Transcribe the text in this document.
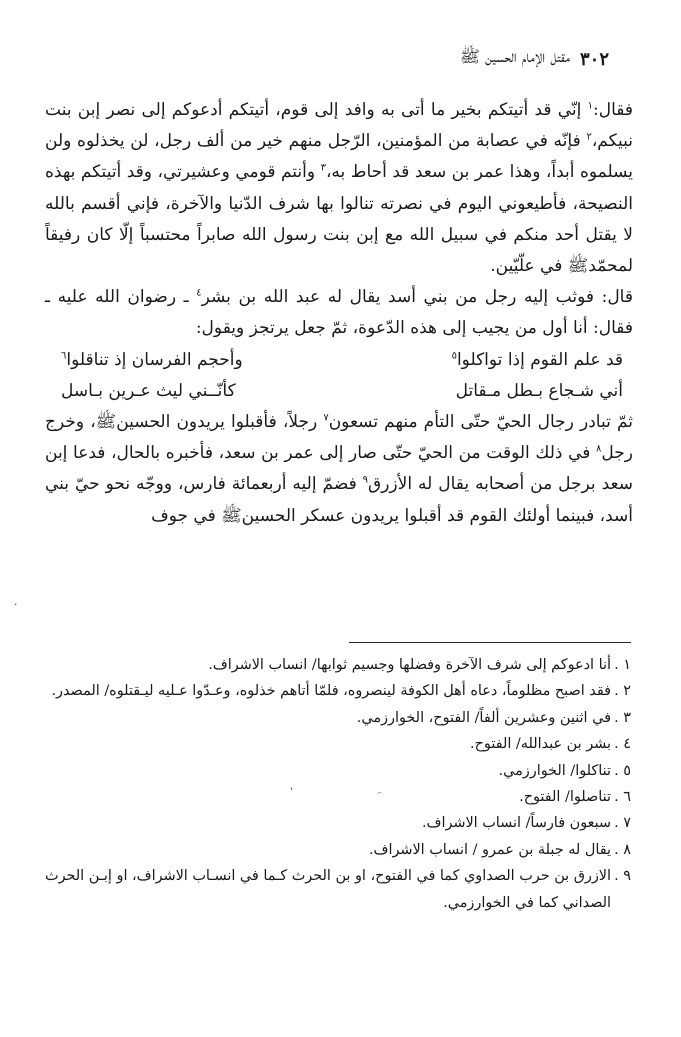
٣٠٢
مقتل الإمام الحسين ﷺ

فقال:$^١$ إنّي قد أتيتكم بخير ما أتى به وافد إلى قوم، أتيتكم أدعوكم إلى نصر إبن بنت نبيكم،$^٢$ فإنّه في عصابة من المؤمنين، الرّجل منهم خير من ألف رجل، لن يخذلوه ولن يسلموه أبداً، وهذا عمر بن سعد قد أحاط به،$^٣$ وأنتم قومي وعشيرتي، وقد أتيتكم بهذه النصيحة، فأطيعوني اليوم في نصرته تنالوا بها شرف الدّنيا والآخرة، فإني أقسم بالله لا يقتل أحد منكم في سبيل الله مع إبن بنت رسول الله صابراً محتسباً إلّا كان رفيقاً لمحمّدﷺ في علّيّين.

قال: فوثب إليه رجل من بني أسد يقال له عبد الله بن بشر$^٤$ ـ رضوان الله عليه ـ فقال: أنا أول من يجيب إلى هذه الدّعوة، ثمّ جعل يرتجز ويقول:

قد علم القوم إذا تواكلوا$^٥$
وأحجم الفرسان إذ تناقلوا$^٦$
أني شـجاع بـطل مـقاتل
كأنّــني ليث عـرين بـاسل

ثمّ تبادر رجال الحيّ حتّى التأم منهم تسعون$^٧$ رجلاً، فأقبلوا يريدون الحسينﷺ، وخرج رجل$^٨$ في ذلك الوقت من الحيّ حتّى صار إلى عمر بن سعد، فأخبره بالحال، فدعا إبن سعد برجل من أصحابه يقال له الأزرق$^٩$ فضمّ إليه أربعمائة فارس، ووجّه نحو حيّ بني أسد، فبينما أولئك القوم قد أقبلوا يريدون عسكر الحسينﷺ في جوف

١ .أنا ادعوكم إلى شرف الآخرة وفضلها وجسيم ثوابها/ انساب الاشراف.

٢ .فقد اصبح مظلوماً، دعاه أهل الكوفة لينصروه، فلمّا أتاهم خذلوه، وعـدّوا عـليه ليـقتلوه/ المصدر.

٣ .في اثنين وعشرين ألفاً/ الفتوح، الخوارزمي.

٤ .بشر بن عبدالله/ الفتوح.

٥ .تناكلوا/ الخوارزمي.

٦ .تناصلوا/ الفتوح.

٧ .سبعون فارساً/ انساب الاشراف.

٨ .يقال له جبلة بن عمرو / انساب الاشراف.

٩ .الازرق بن حرب الصداوي كما في الفتوح، او بن الحرث كـما في انسـاب الاشراف، او إبـن الحرث الصداني كما في الخوارزمي.

ˈ	ﹶ
·
